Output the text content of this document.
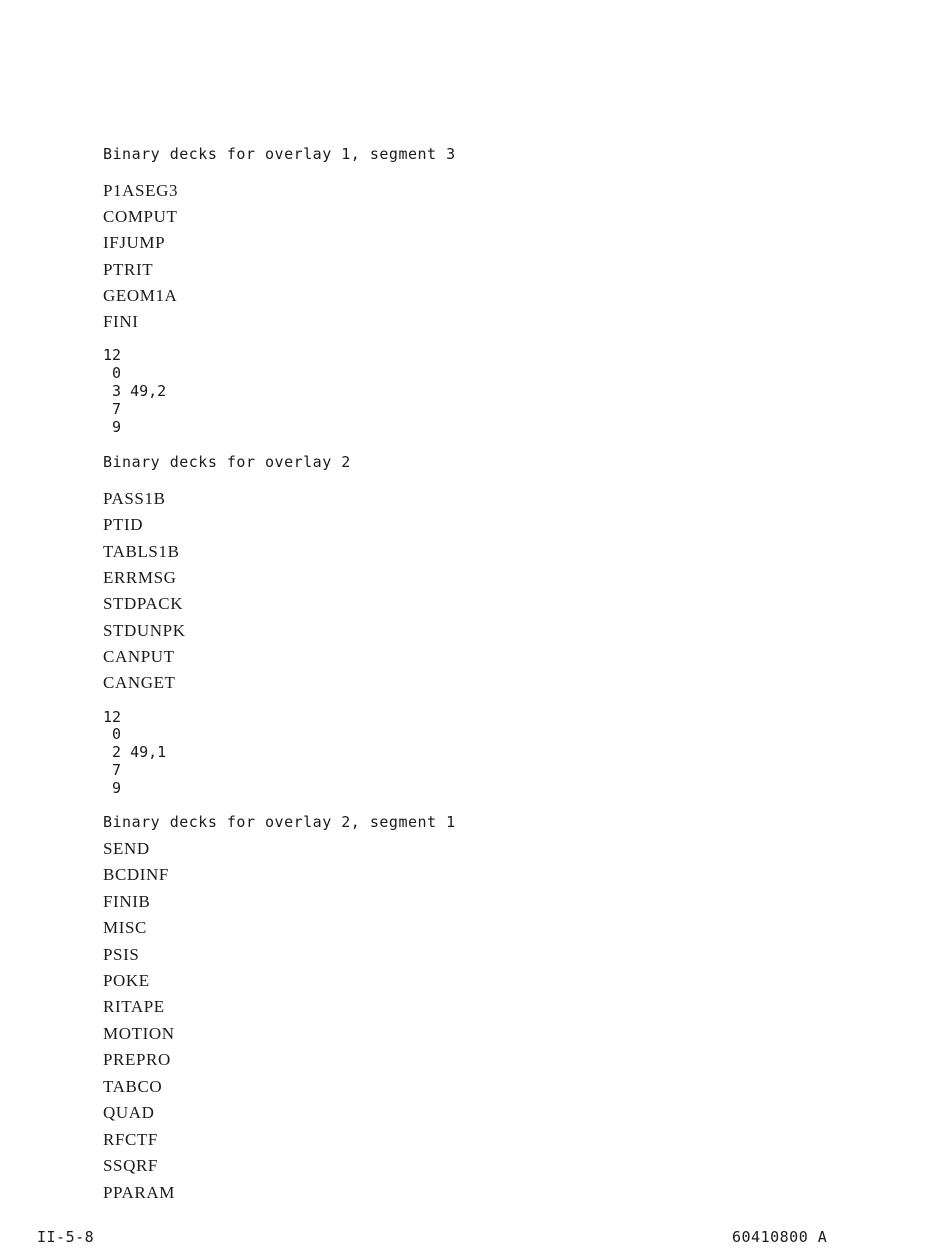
Binary decks for overlay 1, segment 3
P1ASEG3
COMPUT
IFJUMP
PTRIT
GEOM1A
FINI
12
0
3 49,2
7
9
Binary decks for overlay 2
PASS1B
PTID
TABLS1B
ERRMSG
STDPACK
STDUNPK
CANPUT
CANGET
12
0
2 49,1
7
9
Binary decks for overlay 2, segment 1
SEND
BCDINF
FINIB
MISC
PSIS
POKE
RITAPE
MOTION
PREPRO
TABCO
QUAD
RFCTF
SSQRF
PPARAM
II-5-8	60410800 A
